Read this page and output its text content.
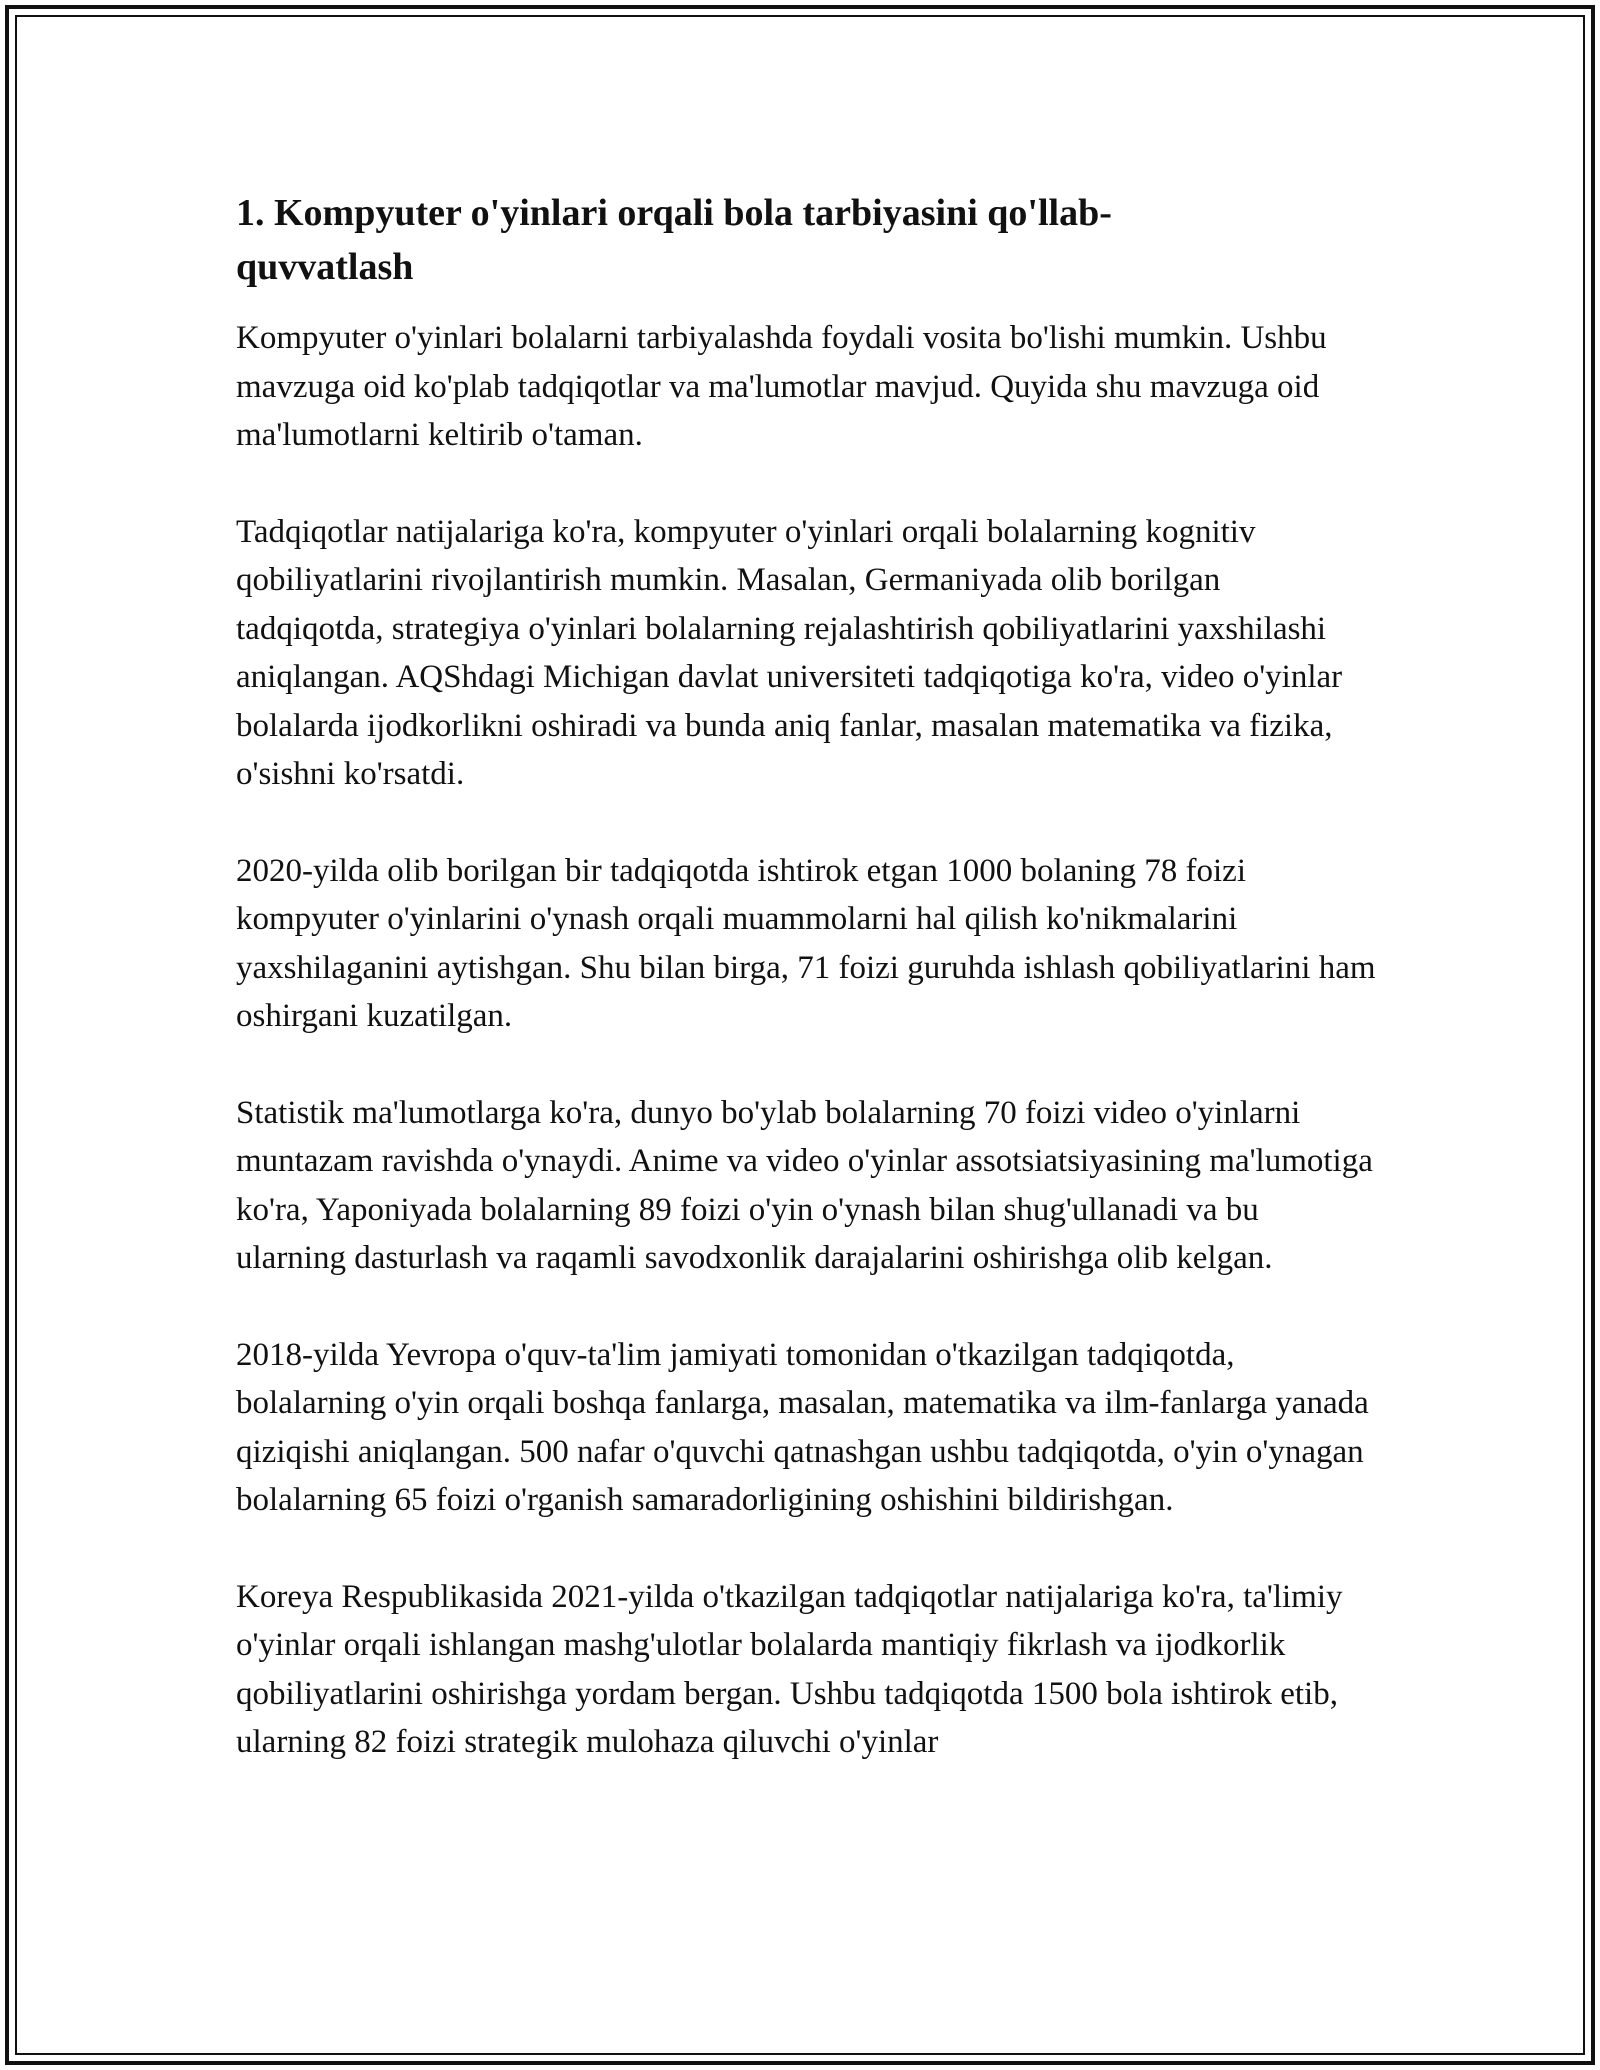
1. Kompyuter o'yinlari orqali bola tarbiyasini qo'llab-quvvatlash

Kompyuter o'yinlari bolalarni tarbiyalashda foydali vosita bo'lishi mumkin. Ushbu mavzuga oid ko'plab tadqiqotlar va ma'lumotlar mavjud. Quyida shu mavzuga oid ma'lumotlarni keltirib o'taman.

Tadqiqotlar natijalariga ko'ra, kompyuter o'yinlari orqali bolalarning kognitiv qobiliyatlarini rivojlantirish mumkin. Masalan, Germaniyada olib borilgan tadqiqotda, strategiya o'yinlari bolalarning rejalashtirish qobiliyatlarini yaxshilashi aniqlangan. AQShdagi Michigan davlat universiteti tadqiqotiga ko'ra, video o'yinlar bolalarda ijodkorlikni oshiradi va bunda aniq fanlar, masalan matematika va fizika, o'sishni ko'rsatdi.

2020-yilda olib borilgan bir tadqiqotda ishtirok etgan 1000 bolaning 78 foizi kompyuter o'yinlarini o'ynash orqali muammolarni hal qilish ko'nikmalarini yaxshilaganini aytishgan. Shu bilan birga, 71 foizi guruhda ishlash qobiliyatlarini ham oshirgani kuzatilgan.

Statistik ma'lumotlarga ko'ra, dunyo bo'ylab bolalarning 70 foizi video o'yinlarni muntazam ravishda o'ynaydi. Anime va video o'yinlar assotsiatsiyasining ma'lumotiga ko'ra, Yaponiyada bolalarning 89 foizi o'yin o'ynash bilan shug'ullanadi va bu ularning dasturlash va raqamli savodxonlik darajalarini oshirishga olib kelgan.

2018-yilda Yevropa o'quv-ta'lim jamiyati tomonidan o'tkazilgan tadqiqotda, bolalarning o'yin orqali boshqa fanlarga, masalan, matematika va ilm-fanlarga yanada qiziqishi aniqlangan. 500 nafar o'quvchi qatnashgan ushbu tadqiqotda, o'yin o'ynagan bolalarning 65 foizi o'rganish samaradorligining oshishini bildirishgan.

Koreya Respublikasida 2021-yilda o'tkazilgan tadqiqotlar natijalariga ko'ra, ta'limiy o'yinlar orqali ishlangan mashg'ulotlar bolalarda mantiqiy fikrlash va ijodkorlik qobiliyatlarini oshirishga yordam bergan. Ushbu tadqiqotda 1500 bola ishtirok etib, ularning 82 foizi strategik mulohaza qiluvchi o'yinlar
